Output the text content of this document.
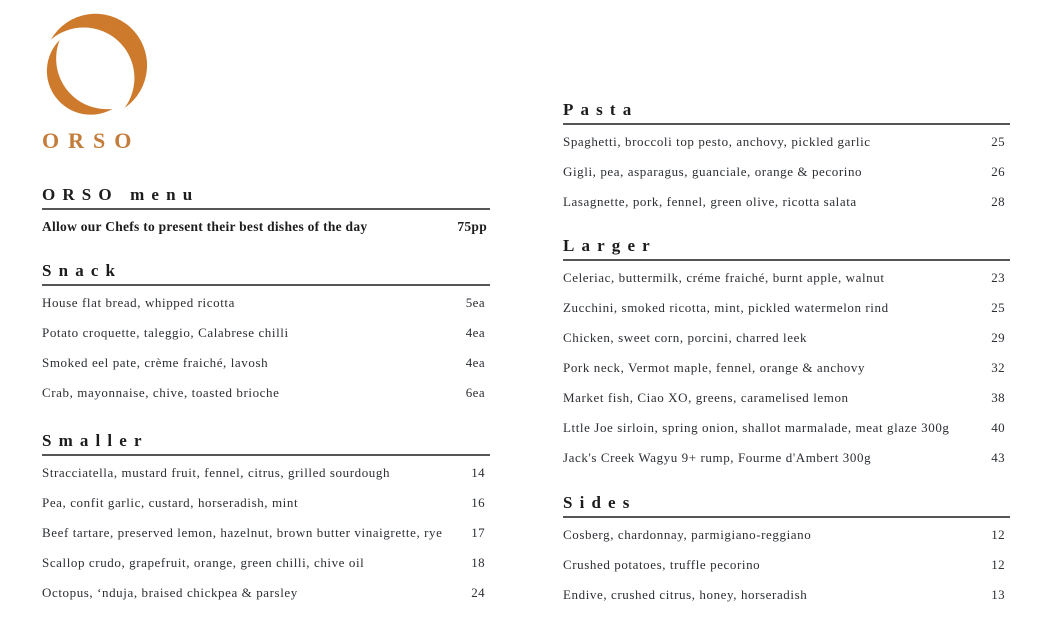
ORSO
ORSO menu
Allow our Chefs to present their best dishes of the day	75pp
Snack
House flat bread, whipped ricotta	5ea
Potato croquette, taleggio, Calabrese chilli	4ea
Smoked eel pate, crème fraiché, lavosh	4ea
Crab, mayonnaise, chive, toasted brioche	6ea
Smaller
Stracciatella, mustard fruit, fennel, citrus, grilled sourdough	14
Pea, confit garlic, custard, horseradish, mint	16
Beef tartare, preserved lemon, hazelnut, brown butter vinaigrette, rye 17
Scallop crudo, grapefruit, orange, green chilli, chive oil	18
Octopus, ‘nduja, braised chickpea & parsley	24
Pasta
Spaghetti, broccoli top pesto, anchovy, pickled garlic	25
Gigli, pea, asparagus, guanciale, orange & pecorino	26
Lasagnette, pork, fennel, green olive, ricotta salata	28
Larger
Celeriac, buttermilk, créme fraiché, burnt apple, walnut	23
Zucchini, smoked ricotta, mint, pickled watermelon rind	25
Chicken, sweet corn, porcini, charred leek	29
Pork neck, Vermot maple, fennel, orange & anchovy	32
Market fish, Ciao XO, greens, caramelised lemon	38
Lttle Joe sirloin, spring onion, shallot marmalade, meat glaze 300g	40
Jack's Creek Wagyu 9+ rump, Fourme d'Ambert 300g	43
Sides
Cosberg, chardonnay, parmigiano-reggiano	12
Crushed potatoes, truffle pecorino	12
Endive, crushed citrus, honey, horseradish	13
